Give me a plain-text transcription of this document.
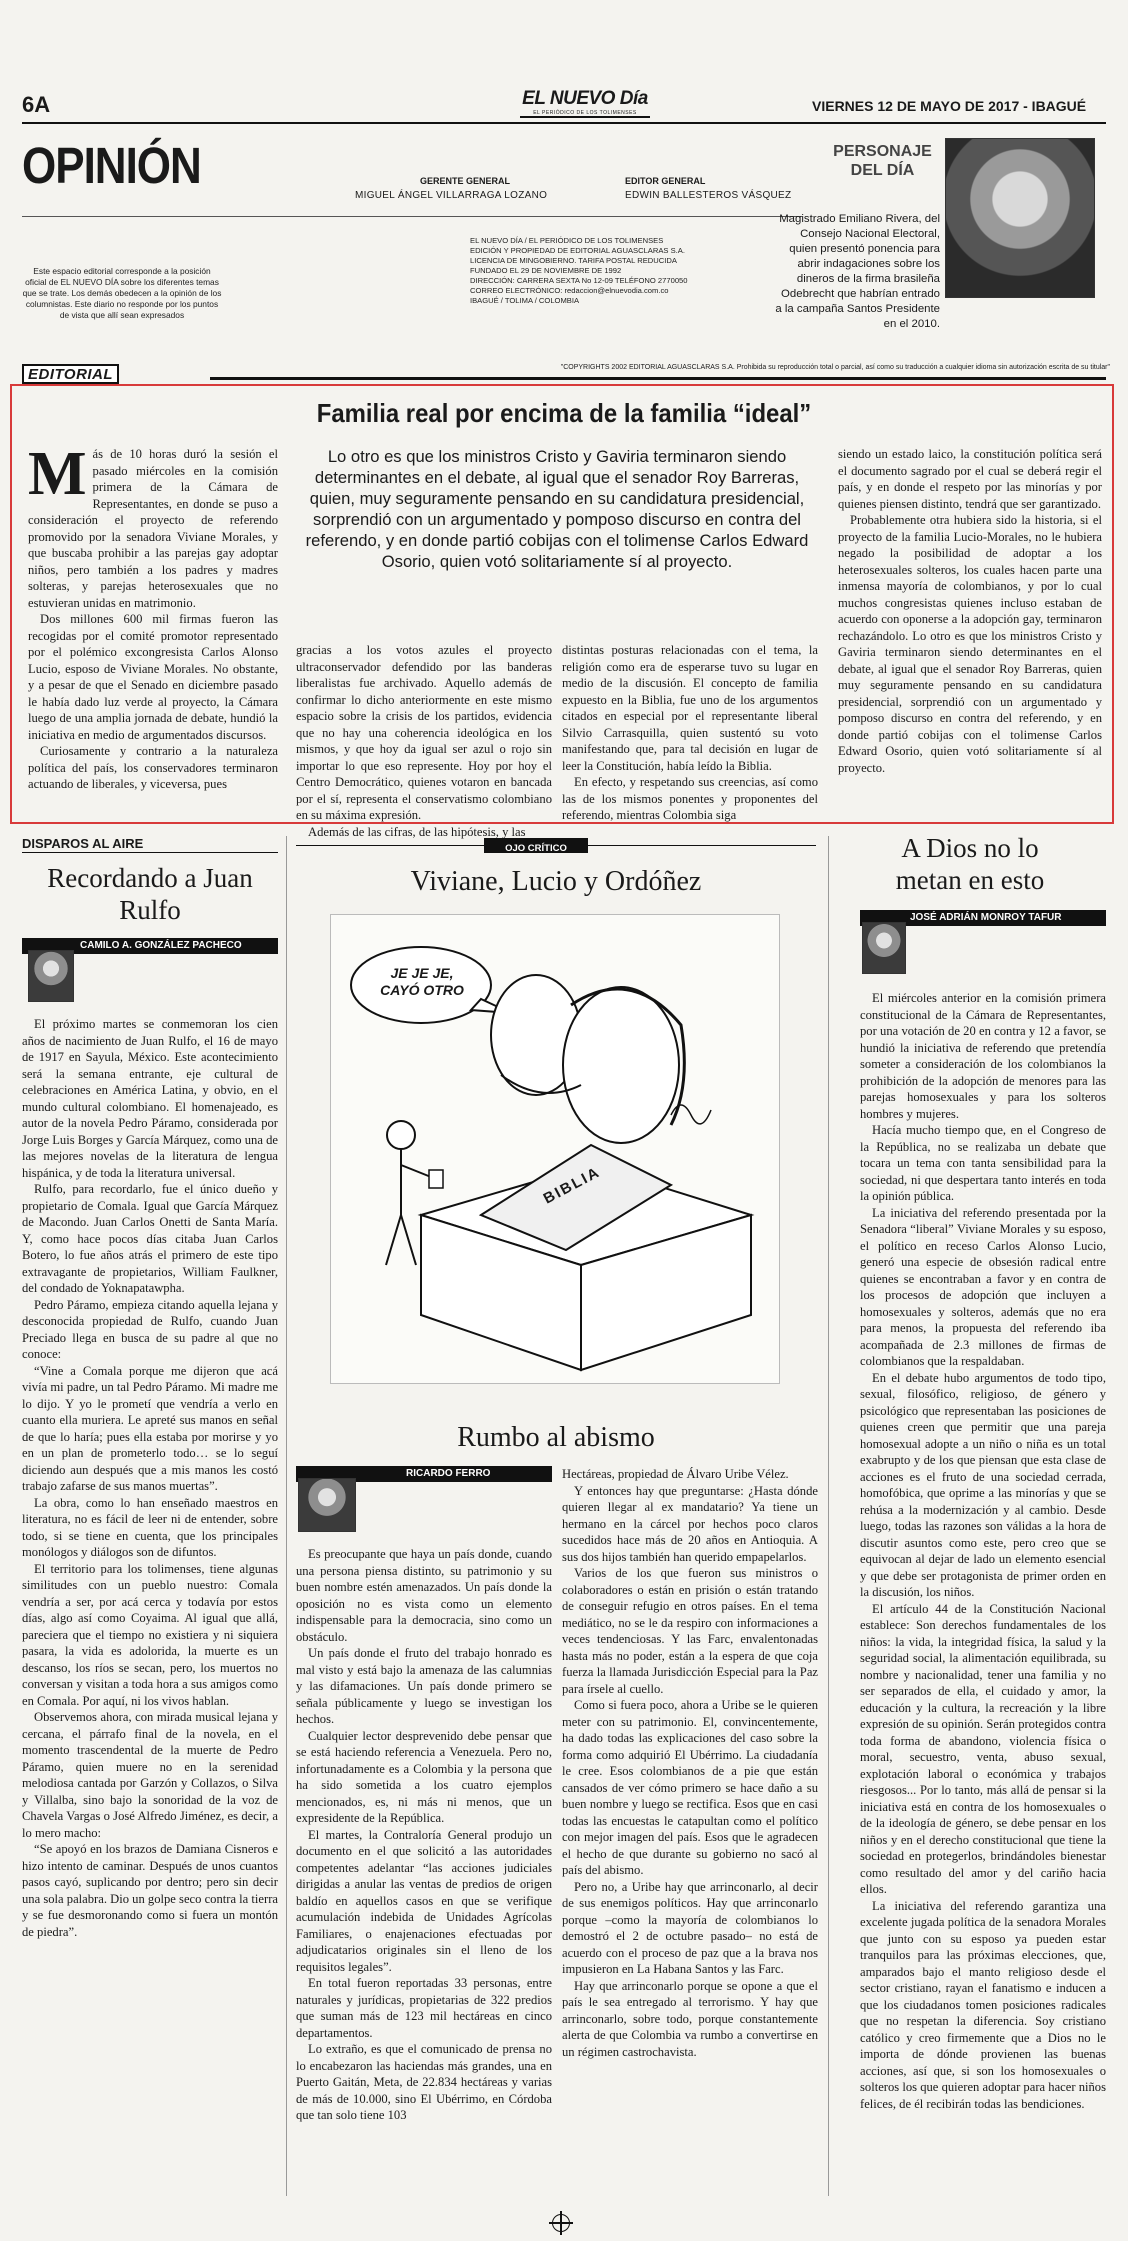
6A	EL NUEVO Día
EL PERIÓDICO DE LOS TOLIMENSES	VIERNES 12 DE MAYO DE 2017 - IBAGUÉ
OPINIÓN	GERENTE GENERAL
MIGUEL ÁNGEL VILLARRAGA LOZANO
EDITOR GENERAL
EDWIN BALLESTEROS VÁSQUEZ
EL NUEVO DÍA / EL PERIÓDICO DE LOS TOLIMENSES
EDICIÓN Y PROPIEDAD DE EDITORIAL AGUASCLARAS S.A.
LICENCIA DE MINGOBIERNO. TARIFA POSTAL REDUCIDA
FUNDADO EL 29 DE NOVIEMBRE DE 1992
DIRECCIÓN: CARRERA SEXTA No 12-09 TELÉFONO 2770050
CORREO ELECTRÓNICO: redaccion@elnuevodia.com.co
IBAGUÉ / TOLIMA / COLOMBIA
Este espacio editorial corresponde a la posición oficial de EL NUEVO DÍA sobre los diferentes temas que se trate. Los demás obedecen a la opinión de los columnistas. Este diario no responde por los puntos de vista que allí sean expresados
PERSONAJE
DEL DÍA
Magistrado Emiliano Rivera, del Consejo Nacional Electoral, quien presentó ponencia para abrir indagaciones sobre los dineros de la firma brasileña Odebrecht que habrían entrado a la campaña Santos Presidente en el 2010.
"COPYRIGHTS 2002 EDITORIAL AGUASCLARAS S.A. Prohibida su reproducción total o parcial, así como su traducción a cualquier idioma sin autorización escrita de su titular"
EDITORIAL
Familia real por encima de la familia “ideal”
M ás de 10 horas duró la sesión el pasado miércoles en la comisión primera de la Cámara de Representantes, en donde se puso a consideración el proyecto de referendo promovido por la senadora Viviane Morales, y que buscaba prohibir a las parejas gay adoptar niños, pero también a los padres y madres solteras, y parejas heterosexuales que no estuvieran unidas en matrimonio.

Dos millones 600 mil firmas fueron las recogidas por el comité promotor representado por el polémico excongresista Carlos Alonso Lucio, esposo de Viviane Morales. No obstante, y a pesar de que el Senado en diciembre pasado le había dado luz verde al proyecto, la Cámara luego de una amplia jornada de debate, hundió la iniciativa en medio de argumentados discursos.

Curiosamente y contrario a la naturaleza política del país, los conservadores terminaron actuando de liberales, y viceversa, pues

Lo otro es que los ministros Cristo y Gaviria terminaron siendo determinantes en el debate, al igual que el senador Roy Barreras, quien, muy seguramente pensando en su candidatura presidencial, sorprendió con un argumentado y pomposo discurso en contra del referendo, y en donde partió cobijas con el tolimense Carlos Edward Osorio, quien votó solitariamente sí al proyecto.

gracias a los votos azules el proyecto ultraconservador defendido por las banderas liberalistas fue archivado. Aquello además de confirmar lo dicho anteriormente en este mismo espacio sobre la crisis de los partidos, evidencia que no hay una coherencia ideológica en los mismos, y que hoy da igual ser azul o rojo sin importar lo que eso represente. Hoy por hoy el Centro Democrático, quienes votaron en bancada por el sí, representa el conservatismo colombiano en su máxima expresión.

Además de las cifras, de las hipótesis, y las

distintas posturas relacionadas con el tema, la religión como era de esperarse tuvo su lugar en medio de la discusión. El concepto de familia expuesto en la Biblia, fue uno de los argumentos citados en especial por el representante liberal Silvio Carrasquilla, quien sustentó su voto manifestando que, para tal decisión en lugar de leer la Constitución, había leído la Biblia.

En efecto, y respetando sus creencias, así como las de los mismos ponentes y proponentes del referendo, mientras Colombia siga

siendo un estado laico, la constitución política será el documento sagrado por el cual se deberá regir el país, y en donde el respeto por las minorías y por quienes piensen distinto, tendrá que ser garantizado.

Probablemente otra hubiera sido la historia, si el proyecto de la familia Lucio-Morales, no le hubiera negado la posibilidad de adoptar a los heterosexuales solteros, los cuales hacen parte una inmensa mayoría de colombianos, y por lo cual muchos congresistas quienes incluso estaban de acuerdo con oponerse a la adopción gay, terminaron rechazándolo. Lo otro es que los ministros Cristo y Gaviria terminaron siendo determinantes en el debate, al igual que el senador Roy Barreras, quien muy seguramente pensando en su candidatura presidencial, sorprendió con un argumentado y pomposo discurso en contra del referendo, y en donde partió cobijas con el tolimense Carlos Edward Osorio, quien votó solitariamente sí al proyecto.

DISPAROS AL AIRE
Recordando a Juan Rulfo
CAMILO A. GONZÁLEZ PACHECO

El próximo martes se conmemoran los cien años de nacimiento de Juan Rulfo, el 16 de mayo de 1917 en Sayula, México. Este acontecimiento será la semana entrante, eje cultural de celebraciones en América Latina, y obvio, en el mundo cultural colombiano. El homenajeado, es autor de la novela Pedro Páramo, considerada por Jorge Luis Borges y García Márquez, como una de las mejores novelas de la literatura de lengua hispánica, y de toda la literatura universal.

Rulfo, para recordarlo, fue el único dueño y propietario de Comala. Igual que García Márquez de Macondo. Juan Carlos Onetti de Santa María. Y, como hace pocos días citaba Juan Carlos Botero, lo fue años atrás el primero de este tipo extravagante de propietarios, William Faulkner, del condado de Yoknapatawpha.

Pedro Páramo, empieza citando aquella lejana y desconocida propiedad de Rulfo, cuando Juan Preciado llega en busca de su padre al que no conoce:

“Vine a Comala porque me dijeron que acá vivía mi padre, un tal Pedro Páramo. Mi madre me lo dijo. Y yo le prometí que vendría a verlo en cuanto ella muriera. Le apreté sus manos en señal de que lo haría; pues ella estaba por morirse y yo en un plan de prometerlo todo… se lo seguí diciendo aun después que a mis manos les costó trabajo zafarse de sus manos muertas”.

La obra, como lo han enseñado maestros en literatura, no es fácil de leer ni de entender, sobre todo, si se tiene en cuenta, que los principales monólogos y diálogos son de difuntos.

El territorio para los tolimenses, tiene algunas similitudes con un pueblo nuestro: Comala vendría a ser, por acá cerca y todavía por estos días, algo así como Coyaima. Al igual que allá, pareciera que el tiempo no existiera y ni siquiera pasara, la vida es adolorida, la muerte es un descanso, los ríos se secan, pero, los muertos no conversan y visitan a toda hora a sus amigos como en Comala. Por aquí, ni los vivos hablan.

Observemos ahora, con mirada musical lejana y cercana, el párrafo final de la novela, en el momento trascendental de la muerte de Pedro Páramo, quien muere no en la serenidad melodiosa cantada por Garzón y Collazos, o Silva y Villalba, sino bajo la sonoridad de la voz de Chavela Vargas o José Alfredo Jiménez, es decir, a lo mero macho:

“Se apoyó en los brazos de Damiana Cisneros e hizo intento de caminar. Después de unos cuantos pasos cayó, suplicando por dentro; pero sin decir una sola palabra. Dio un golpe seco contra la tierra y se fue desmoronando como si fuera un montón de piedra”.

OJO CRÍTICO
Viviane, Lucio y Ordóñez
JE JE JE, CAYÓ OTRO
BIBLIA
Rumbo al abismo
RICARDO FERRO

Es preocupante que haya un país donde, cuando una persona piensa distinto, su patrimonio y su buen nombre estén amenazados. Un país donde la oposición no es vista como un elemento indispensable para la democracia, sino como un obstáculo.

Un país donde el fruto del trabajo honrado es mal visto y está bajo la amenaza de las calumnias y las difamaciones. Un país donde primero se señala públicamente y luego se investigan los hechos.

Cualquier lector desprevenido debe pensar que se está haciendo referencia a Venezuela. Pero no, infortunadamente es a Colombia y la persona que ha sido sometida a los cuatro ejemplos mencionados, es, ni más ni menos, que un expresidente de la República.

El martes, la Contraloría General produjo un documento en el que solicitó a las autoridades competentes adelantar “las acciones judiciales dirigidas a anular las ventas de predios de origen baldío en aquellos casos en que se verifique acumulación indebida de Unidades Agrícolas Familiares, o enajenaciones efectuadas por adjudicatarios originales sin el lleno de los requisitos legales”.

En total fueron reportadas 33 personas, entre naturales y jurídicas, propietarias de 322 predios que suman más de 123 mil hectáreas en cinco departamentos.

Lo extraño, es que el comunicado de prensa no lo encabezaron las haciendas más grandes, una en Puerto Gaitán, Meta, de 22.834 hectáreas y varias de más de 10.000, sino El Ubérrimo, en Córdoba que tan solo tiene 103

Hectáreas, propiedad de Álvaro Uribe Vélez.

Y entonces hay que preguntarse: ¿Hasta dónde quieren llegar al ex mandatario? Ya tiene un hermano en la cárcel por hechos poco claros sucedidos hace más de 20 años en Antioquia. A sus dos hijos también han querido empapelarlos.

Varios de los que fueron sus ministros o colaboradores o están en prisión o están tratando de conseguir refugio en otros países. En el tema mediático, no se le da respiro con informaciones a veces tendenciosas. Y las Farc, envalentonadas hasta más no poder, están a la espera de que coja fuerza la llamada Jurisdicción Especial para la Paz para írsele al cuello.

Como si fuera poco, ahora a Uribe se le quieren meter con su patrimonio. El, convincentemente, ha dado todas las explicaciones del caso sobre la forma como adquirió El Ubérrimo. La ciudadanía le cree. Esos colombianos de a pie que están cansados de ver cómo primero se hace daño a su buen nombre y luego se rectifica. Esos que en casi todas las encuestas le catapultan como el político con mejor imagen del país. Esos que le agradecen el hecho de que durante su gobierno no sacó al país del abismo.

Pero no, a Uribe hay que arrinconarlo, al decir de sus enemigos políticos. Hay que arrinconarlo porque –como la mayoría de colombianos lo demostró el 2 de octubre pasado– no está de acuerdo con el proceso de paz que a la brava nos impusieron en La Habana Santos y las Farc.

Hay que arrinconarlo porque se opone a que el país le sea entregado al terrorismo. Y hay que arrinconarlo, sobre todo, porque constantemente alerta de que Colombia va rumbo a convertirse en un régimen castrochavista.

A Dios no lo metan en esto
JOSÉ ADRIÁN MONROY TAFUR

El miércoles anterior en la comisión primera constitucional de la Cámara de Representantes, por una votación de 20 en contra y 12 a favor, se hundió la iniciativa de referendo que pretendía someter a consideración de los colombianos la prohibición de la adopción de menores para las parejas homosexuales y para los solteros hombres y mujeres.

Hacía mucho tiempo que, en el Congreso de la República, no se realizaba un debate que tocara un tema con tanta sensibilidad para la sociedad, ni que despertara tanto interés en toda la opinión pública.

La iniciativa del referendo presentada por la Senadora “liberal” Viviane Morales y su esposo, el político en receso Carlos Alonso Lucio, generó una especie de obsesión radical entre quienes se encontraban a favor y en contra de los procesos de adopción que incluyen a homosexuales y solteros, además que no era para menos, la propuesta del referendo iba acompañada de 2.3 millones de firmas de colombianos que la respaldaban.

En el debate hubo argumentos de todo tipo, sexual, filosófico, religioso, de género y psicológico que representaban las posiciones de quienes creen que permitir que una pareja homosexual adopte a un niño o niña es un total exabrupto y de los que piensan que esta clase de acciones es el fruto de una sociedad cerrada, homofóbica, que oprime a las minorías y que se rehúsa a la modernización y al cambio. Desde luego, todas las razones son válidas a la hora de discutir asuntos como este, pero creo que se equivocan al dejar de lado un elemento esencial y que debe ser protagonista de primer orden en la discusión, los niños.

El artículo 44 de la Constitución Nacional establece: Son derechos fundamentales de los niños: la vida, la integridad física, la salud y la seguridad social, la alimentación equilibrada, su nombre y nacionalidad, tener una familia y no ser separados de ella, el cuidado y amor, la educación y la cultura, la recreación y la libre expresión de su opinión. Serán protegidos contra toda forma de abandono, violencia física o moral, secuestro, venta, abuso sexual, explotación laboral o económica y trabajos riesgosos... Por lo tanto, más allá de pensar si la iniciativa está en contra de los homosexuales o de la ideología de género, se debe pensar en los niños y en el derecho constitucional que tiene la sociedad en protegerlos, brindándoles bienestar como resultado del amor y del cariño hacia ellos.

La iniciativa del referendo garantiza una excelente jugada política de la senadora Morales que junto con su esposo ya pueden estar tranquilos para las próximas elecciones, que, amparados bajo el manto religioso desde el sector cristiano, rayan el fanatismo e inducen a que los ciudadanos tomen posiciones radicales que no respetan la diferencia. Soy cristiano católico y creo firmemente que a Dios no le importa de dónde provienen las buenas acciones, así que, si son los homosexuales o solteros los que quieren adoptar para hacer niños felices, de él recibirán todas las bendiciones.
